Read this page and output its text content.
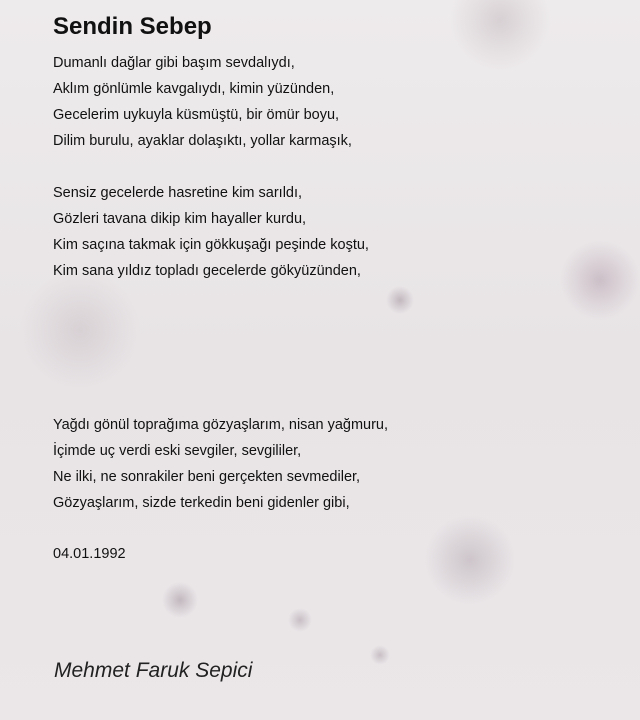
Sendin Sebep
Dumanlı dağlar gibi başım sevdalıydı,
Aklım gönlümle kavgalıydı, kimin yüzünden,
Gecelerim uykuyla küsmüştü, bir ömür boyu,
Dilim burulu, ayaklar dolaşıktı, yollar karmaşık,
Sensiz gecelerde hasretine kim sarıldı,
Gözleri tavana dikip kim hayaller kurdu,
Kim saçına takmak için gökkuşağı peşinde koştu,
Kim sana yıldız topladı gecelerde gökyüzünden,
Yağdı gönül toprağıma gözyaşlarım, nisan yağmuru,
İçimde uç verdi eski sevgiler, sevgililer,
Ne ilki, ne sonrakiler beni gerçekten sevmediler,
Gözyaşlarım, sizde terkedin beni gidenler gibi,
04.01.1992
Mehmet Faruk Sepici
